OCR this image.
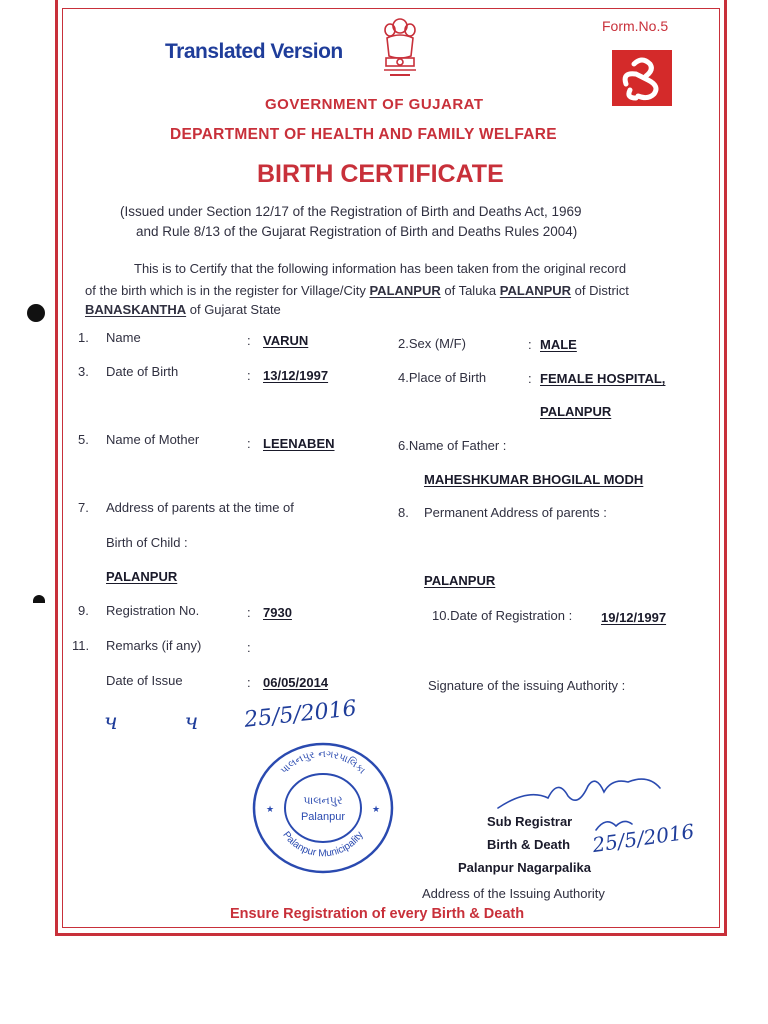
Translated Version
Form.No.5
GOVERNMENT OF GUJARAT
DEPARTMENT OF HEALTH AND FAMILY WELFARE
BIRTH CERTIFICATE
(Issued under Section 12/17 of the Registration of Birth and Deaths Act, 1969
and Rule 8/13 of the Gujarat Registration of Birth and Deaths Rules 2004)
This is to Certify that the following information has been taken from the original record
of the birth which is in the register for Village/City PALANPUR of Taluka PALANPUR of District
BANASKANTHA of Gujarat State
1. Name	: VARUN	2.Sex (M/F)	: MALE
3. Date of Birth	: 13/12/1997	4.Place of Birth	: FEMALE HOSPITAL,
PALANPUR
5. Name of Mother	: LEENABEN	6.Name of Father :
MAHESHKUMAR BHOGILAL MODH
7. Address of parents at the time of
Birth of Child :
PALANPUR
8. Permanent Address of parents :
PALANPUR
9. Registration No.	: 7930	10.Date of Registration : 19/12/1997
11. Remarks (if any)	:
Date of Issue	: 06/05/2014	Signature of the issuing Authority :
ч ч 25/5/2016
પાલનપુર નગરપાલિકા
Palanpur Municipality
પાલનપુર
Palanpur
★	★
Sub Registrar
Birth & Death 25/5/2016
Palanpur Nagarpalika
Address of the Issuing Authority
Ensure Registration of every Birth & Death
